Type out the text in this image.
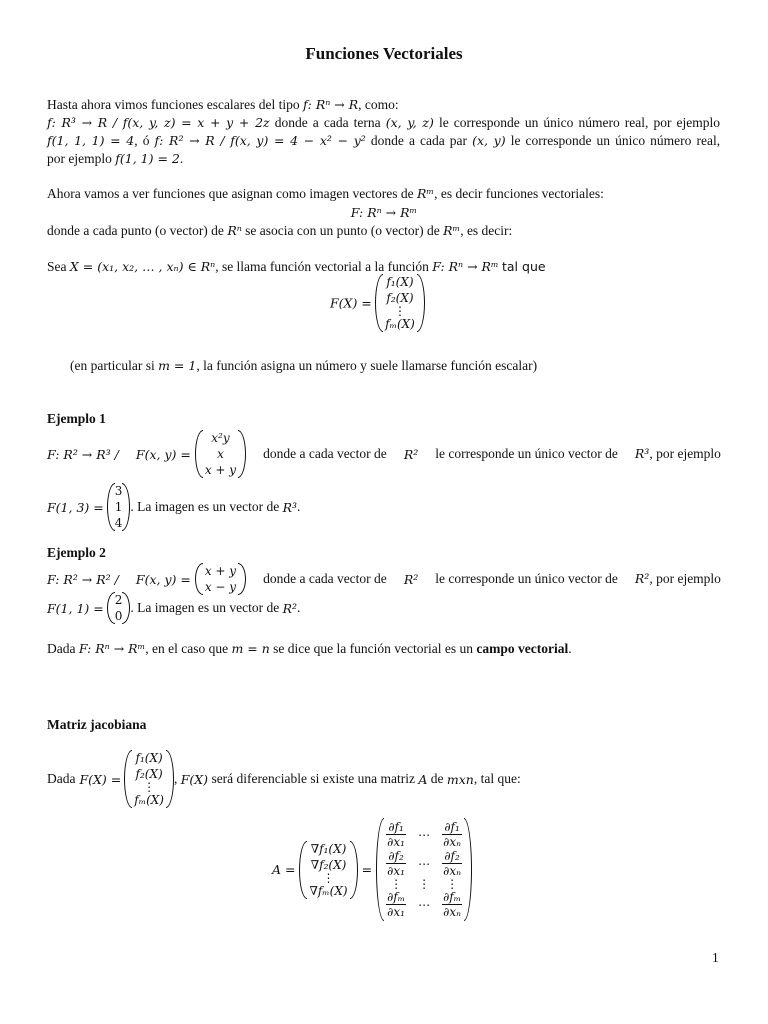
Funciones Vectoriales
Hasta ahora vimos funciones escalares del tipo f: Rⁿ → R, como:
f: R³ → R / f(x, y, z) = x + y + 2z donde a cada terna (x, y, z) le corresponde un único número real, por ejemplo
f(1, 1, 1) = 4, ó f: R² → R / f(x, y) = 4 − x² − y² donde a cada par (x, y) le corresponde un único número real,
por ejemplo f(1, 1) = 2.
Ahora vamos a ver funciones que asignan como imagen vectores de Rᵐ, es decir funciones vectoriales:
F: Rⁿ → Rᵐ
donde a cada punto (o vector) de Rⁿ se asocia con un punto (o vector) de Rᵐ, es decir:
Sea X = (x₁, x₂, … , xₙ) ∈ Rⁿ, se llama función vectorial a la función F: Rⁿ → Rᵐ tal que
F(X) =
f₁(X)
f₂(X)
⋮
fₘ(X)
(en particular si m = 1, la función asigna un número y suele llamarse función escalar)
Ejemplo 1
F: R² → R³ / F(x, y) =
x²y
x
x + y
donde a cada vector de R² le corresponde un único vector de R³, por ejemplo
F(1, 3) =
3
1
4
. La imagen es un vector de
R³ .
Ejemplo 2
F: R² → R² / F(x, y) =
x + y
x − y
donde a cada vector de R² le corresponde un único vector de R², por ejemplo
F(1, 1) =
2
0
. La imagen es un vector de
R² .
Dada F: Rⁿ → Rᵐ, en el caso que m = n se dice que la función vectorial es un campo vectorial.
Matriz jacobiana
Dada F(X) =
f₁(X)
f₂(X)
⋮
fₘ(X)
,
F(X)
será diferenciable si existe una matriz
A
de
mxn , tal que:
A =
∇f₁(X)
∇f₂(X)
⋮
∇fₘ(X)
=
$\frac{\text{∂f₁}}{\text{∂x₁}}$	⋯	$\frac{\text{∂f₁}}{\text{∂xₙ}}$
$\frac{\text{∂f₂}}{\text{∂x₁}}$	⋯	$\frac{\text{∂f₂}}{\text{∂xₙ}}$
⋮	⋮	⋮
$\frac{\text{∂fₘ}}{\text{∂x₁}}$	⋯	$\frac{\text{∂fₘ}}{\text{∂xₙ}}$
1
